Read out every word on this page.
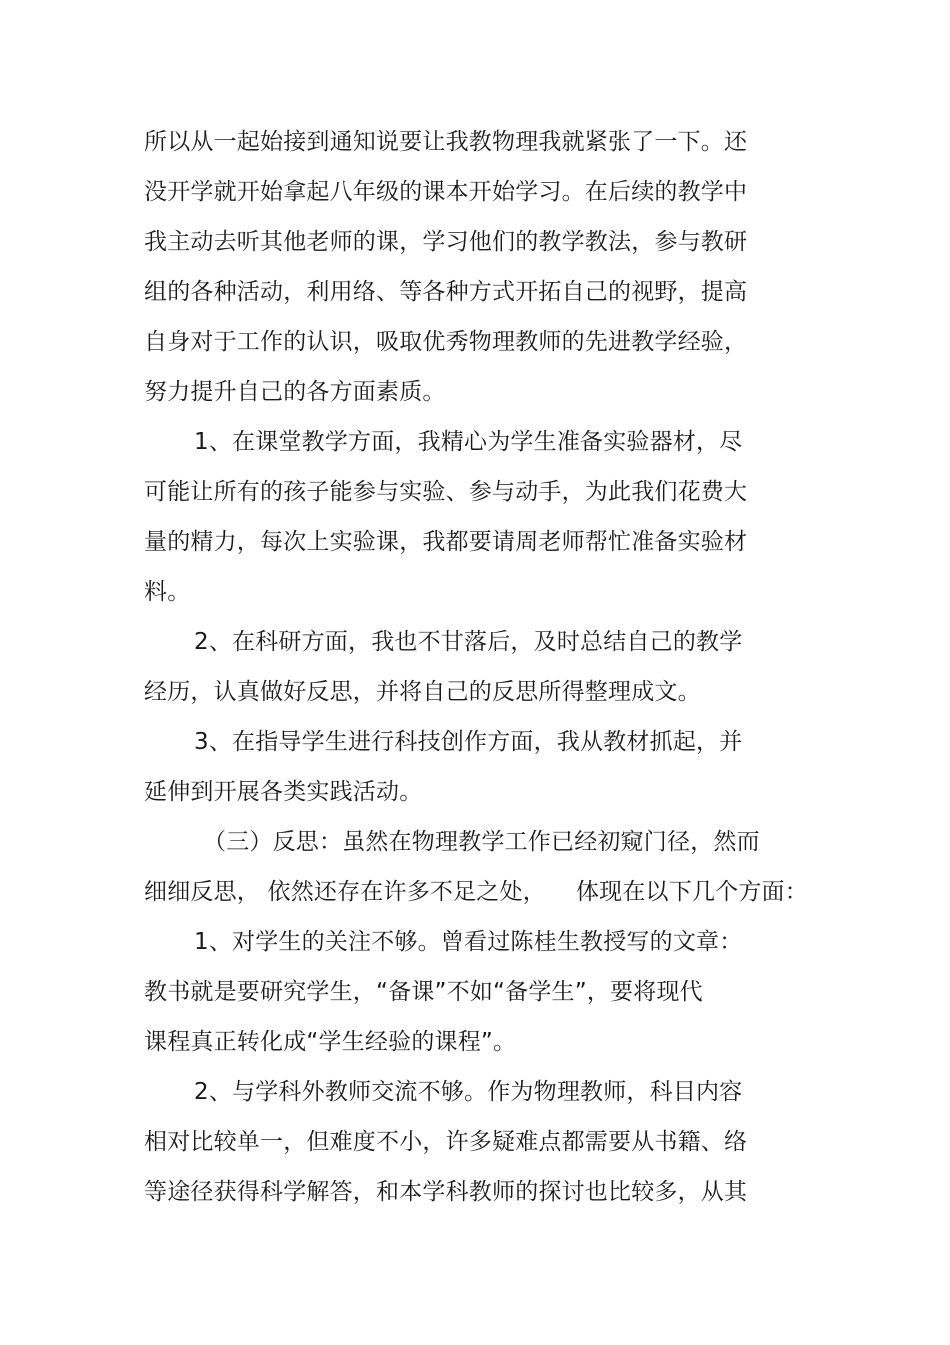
所以从一起始接到通知说要让我教物理我就紧张了一下。还

没开学就开始拿起八年级的课本开始学习。在后续的教学中

我主动去听其他老师的课，学习他们的教学教法，参与教研

组的各种活动，利用络、等各种方式开拓自己的视野，提高

自身对于工作的认识，吸取优秀物理教师的先进教学经验，

努力提升自己的各方面素质。

1、在课堂教学方面，我精心为学生准备实验器材，尽

可能让所有的孩子能参与实验、参与动手，为此我们花费大

量的精力，每次上实验课，我都要请周老师帮忙准备实验材

料。

2、在科研方面，我也不甘落后，及时总结自己的教学

经历，认真做好反思，并将自己的反思所得整理成文。

3、在指导学生进行科技创作方面，我从教材抓起，并

延伸到开展各类实践活动。

（三）反思：虽然在物理教学工作已经初窥门径，然而

细细反思， 依然还存在许多不足之处，    体现在以下几个方面：

1、对学生的关注不够。曾看过陈桂生教授写的文章：

教书就是要研究学生，“备课”不如“备学生”，要将现代

课程真正转化成“学生经验的课程”。

2、与学科外教师交流不够。作为物理教师，科目内容

相对比较单一，但难度不小，许多疑难点都需要从书籍、络

等途径获得科学解答，和本学科教师的探讨也比较多，从其
